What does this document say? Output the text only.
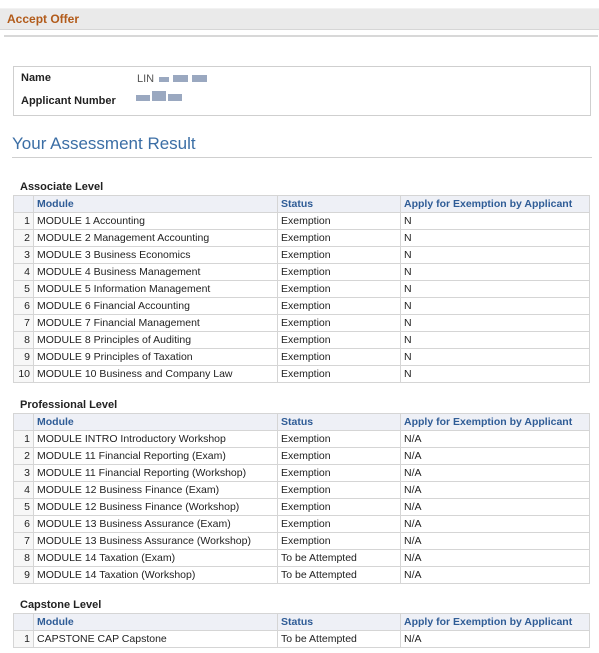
Accept Offer
Name	LIN
Applicant Number
Your Assessment Result
Associate Level
	Module	Status	Apply for Exemption by Applicant
1	MODULE 1 Accounting	Exemption	N
2	MODULE 2 Management Accounting	Exemption	N
3	MODULE 3 Business Economics	Exemption	N
4	MODULE 4 Business Management	Exemption	N
5	MODULE 5 Information Management	Exemption	N
6	MODULE 6 Financial Accounting	Exemption	N
7	MODULE 7 Financial Management	Exemption	N
8	MODULE 8 Principles of Auditing	Exemption	N
9	MODULE 9 Principles of Taxation	Exemption	N
10	MODULE 10 Business and Company Law	Exemption	N
Professional Level
	Module	Status	Apply for Exemption by Applicant
1	MODULE INTRO Introductory Workshop	Exemption	N/A
2	MODULE 11 Financial Reporting (Exam)	Exemption	N/A
3	MODULE 11 Financial Reporting (Workshop)	Exemption	N/A
4	MODULE 12 Business Finance (Exam)	Exemption	N/A
5	MODULE 12 Business Finance (Workshop)	Exemption	N/A
6	MODULE 13 Business Assurance (Exam)	Exemption	N/A
7	MODULE 13 Business Assurance (Workshop)	Exemption	N/A
8	MODULE 14 Taxation (Exam)	To be Attempted	N/A
9	MODULE 14 Taxation (Workshop)	To be Attempted	N/A
Capstone Level
	Module	Status	Apply for Exemption by Applicant
1	CAPSTONE CAP Capstone	To be Attempted	N/A
